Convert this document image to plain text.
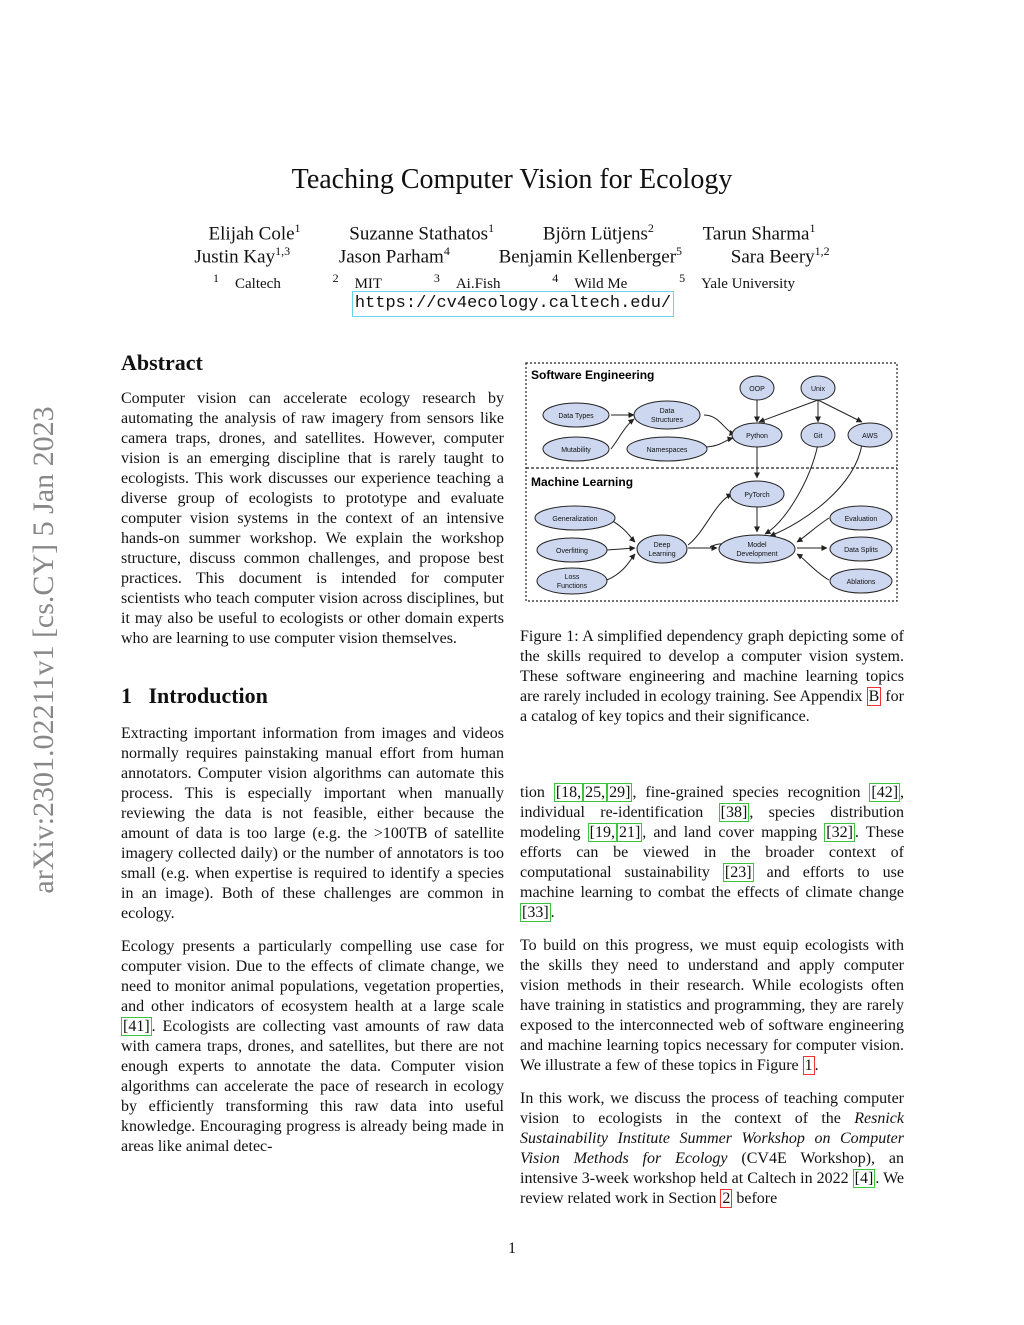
arXiv:2301.02211v1 [cs.CY] 5 Jan 2023
Teaching Computer Vision for Ecology
Elijah Cole$^1$	Suzanne Stathatos$^1$	Björn Lütjens$^2$	Tarun Sharma$^1$
Justin Kay$^{1,3}$	Jason Parham$^4$	Benjamin Kellenberger$^5$	Sara Beery$^{1,2}$
$^1$ Caltech	$^2$ MIT	$^3$ Ai.Fish	$^4$ Wild Me	$^5$ Yale University
https://cv4ecology.caltech.edu/
Abstract

Computer vision can accelerate ecology research by automating the analysis of raw imagery from sensors like camera traps, drones, and satellites. However, computer vision is an emerging discipline that is rarely taught to ecologists. This work discusses our experience teaching a diverse group of ecologists to prototype and evaluate computer vision systems in the context of an intensive hands-on summer workshop. We explain the workshop structure, discuss common challenges, and propose best practices. This document is intended for computer scientists who teach computer vision across disciplines, but it may also be useful to ecologists or other domain experts who are learning to use computer vision themselves.

1 Introduction

Extracting important information from images and videos normally requires painstaking manual effort from human annotators. Computer vision algorithms can automate this process. This is especially important when manually reviewing the data is not feasible, either because the amount of data is too large (e.g. the >100TB of satellite imagery collected daily) or the number of annotators is too small (e.g. when expertise is required to identify a species in an image). Both of these challenges are common in ecology.

Ecology presents a particularly compelling use case for computer vision. Due to the effects of climate change, we need to monitor animal populations, vegetation properties, and other indicators of ecosystem health at a large scale [41] . Ecologists are collecting vast amounts of raw data with camera traps, drones, and satellites, but there are not enough experts to annotate the data. Computer vision algorithms can accelerate the pace of research in ecology by efficiently transforming this raw data into useful knowledge. Encouraging progress is already being made in areas like animal detec-

Software Engineering
Machine Learning
OOP	Unix
Data Types
Data
Structures
Python	Git	AWS
Mutability	Namespaces
PyTorch
Generalization	Evaluation
Overfitting
Deep
Learning
Model
Development
Data Splits
Loss
Functions
Ablations
Figure 1: A simplified dependency graph depicting some of the skills required to develop a computer vision system. These software engineering and machine learning topics are rarely included in ecology training. See Appendix B for a catalog of key topics and their significance.

tion [18, 25, 29] , fine-grained species recognition [42] , individual re-identification [38] , species distribution modeling [19, 21] , and land cover mapping [32] . These efforts can be viewed in the broader context of computational sustainability [23] and efforts to use machine learning to combat the effects of climate change [33] .

To build on this progress, we must equip ecologists with the skills they need to understand and apply computer vision methods in their research. While ecologists often have training in statistics and programming, they are rarely exposed to the interconnected web of software engineering and machine learning topics necessary for computer vision. We illustrate a few of these topics in Figure 1 .

In this work, we discuss the process of teaching computer vision to ecologists in the context of the Resnick Sustainability Institute Summer Workshop on Computer Vision Methods for Ecology (CV4E Workshop), an intensive 3-week workshop held at Caltech in 2022 [4] . We review related work in Section 2 before

1
